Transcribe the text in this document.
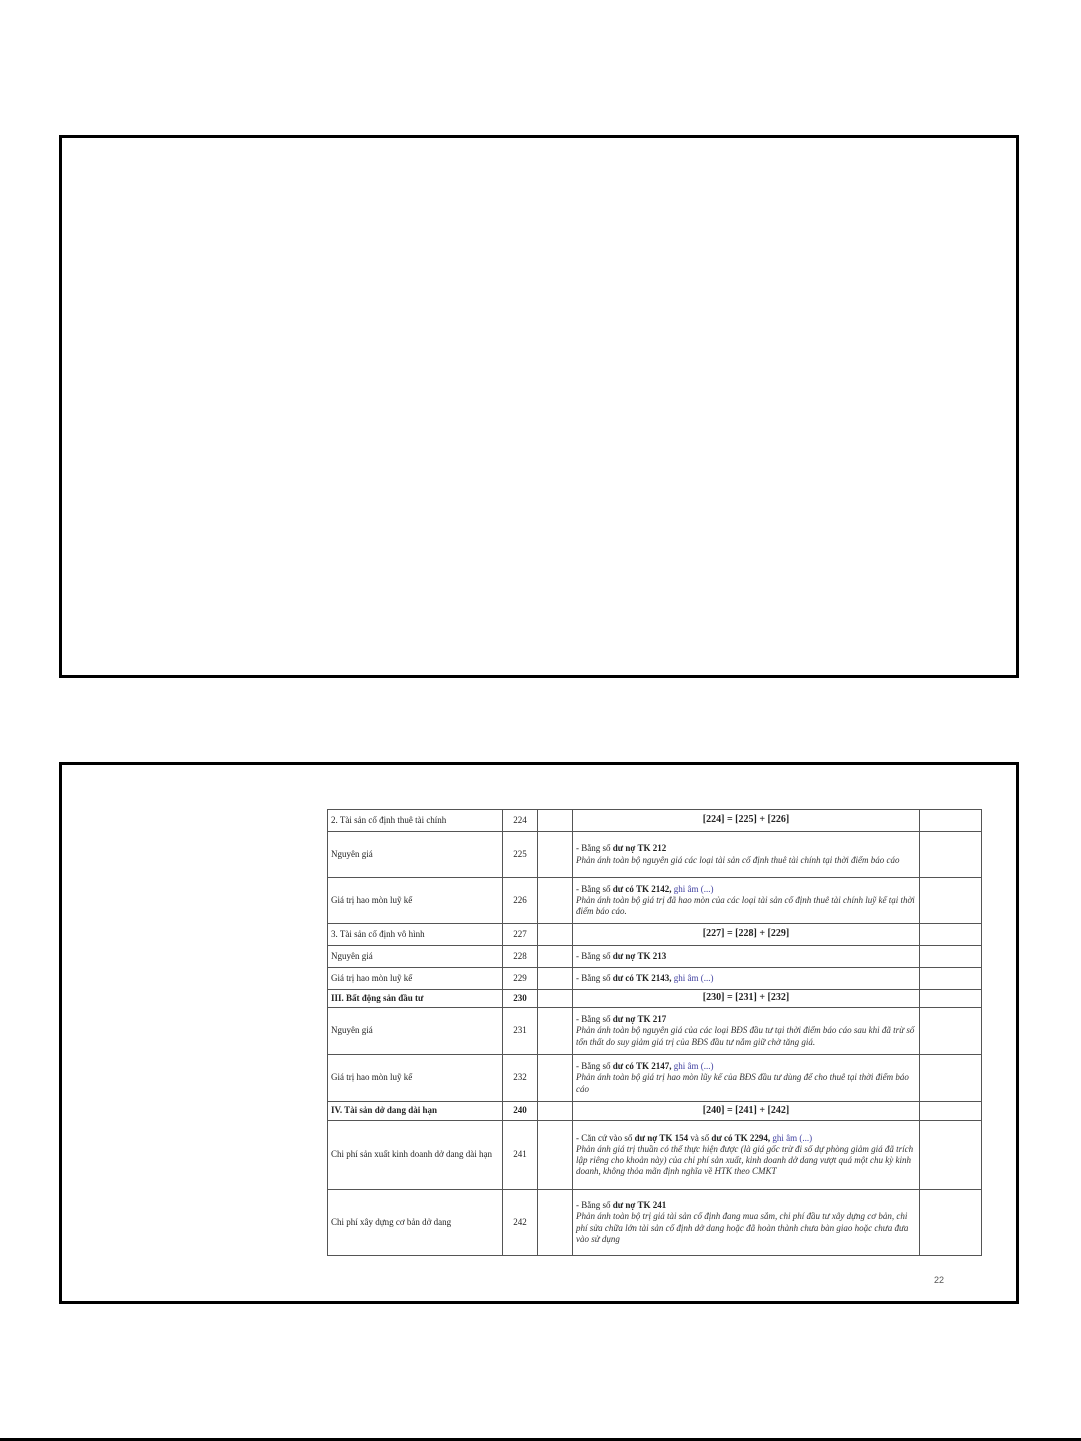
2. Tài sản cố định thuê tài chính	224		[224] = [225] + [226]	

Nguyên giá	225		- Bằng số dư nợ TK 212
Phản ánh toàn bộ nguyên giá các loại tài sản cố định thuê tài chính tại thời điểm báo cáo	

Giá trị hao mòn luỹ kế	226		- Bằng số dư có TK 2142, ghi âm (...)
Phản ánh toàn bộ giá trị đã hao mòn của các loại tài sản cố định thuê tài chính luỹ kế tại thời điểm báo cáo.	

3. Tài sản cố định vô hình	227		[227] = [228] + [229]	

Nguyên giá	228		- Bằng số dư nợ TK 213	

Giá trị hao mòn luỹ kế	229		- Bằng số dư có TK 2143, ghi âm (...)	

III. Bất động sản đầu tư	230		[230] = [231] + [232]	

Nguyên giá	231		- Bằng số dư nợ TK 217
Phản ánh toàn bộ nguyên giá của các loại BĐS đầu tư tại thời điểm báo cáo sau khi đã trừ số tổn thất do suy giảm giá trị của BĐS đầu tư nắm giữ chờ tăng giá.	

Giá trị hao mòn luỹ kế	232		- Bằng số dư có TK 2147, ghi âm (...)
Phản ánh toàn bộ giá trị hao mòn lũy kế của BĐS đầu tư dùng để cho thuê tại thời điểm báo cáo	

IV. Tài sản dở dang dài hạn	240		[240] = [241] + [242]	

Chi phí sản xuất kinh doanh dở dang dài hạn	241		- Căn cứ vào số dư nợ TK 154 và số dư có TK 2294, ghi âm (...)
Phản ánh giá trị thuần có thể thực hiện được (là giá gốc trừ đi số dự phòng giảm giá đã trích lập riêng cho khoản này) của chi phí sản xuất, kinh doanh dở dang vượt quá một chu kỳ kinh doanh, không thỏa mãn định nghĩa về HTK theo CMKT	

Chi phí xây dựng cơ bản dở dang	242		- Bằng số dư nợ TK 241
Phản ánh toàn bộ trị giá tài sản cố định đang mua sắm, chi phí đầu tư xây dựng cơ bản, chi phí sửa chữa lớn tài sản cố định dở dang hoặc đã hoàn thành chưa bàn giao hoặc chưa đưa vào sử dụng	

22
